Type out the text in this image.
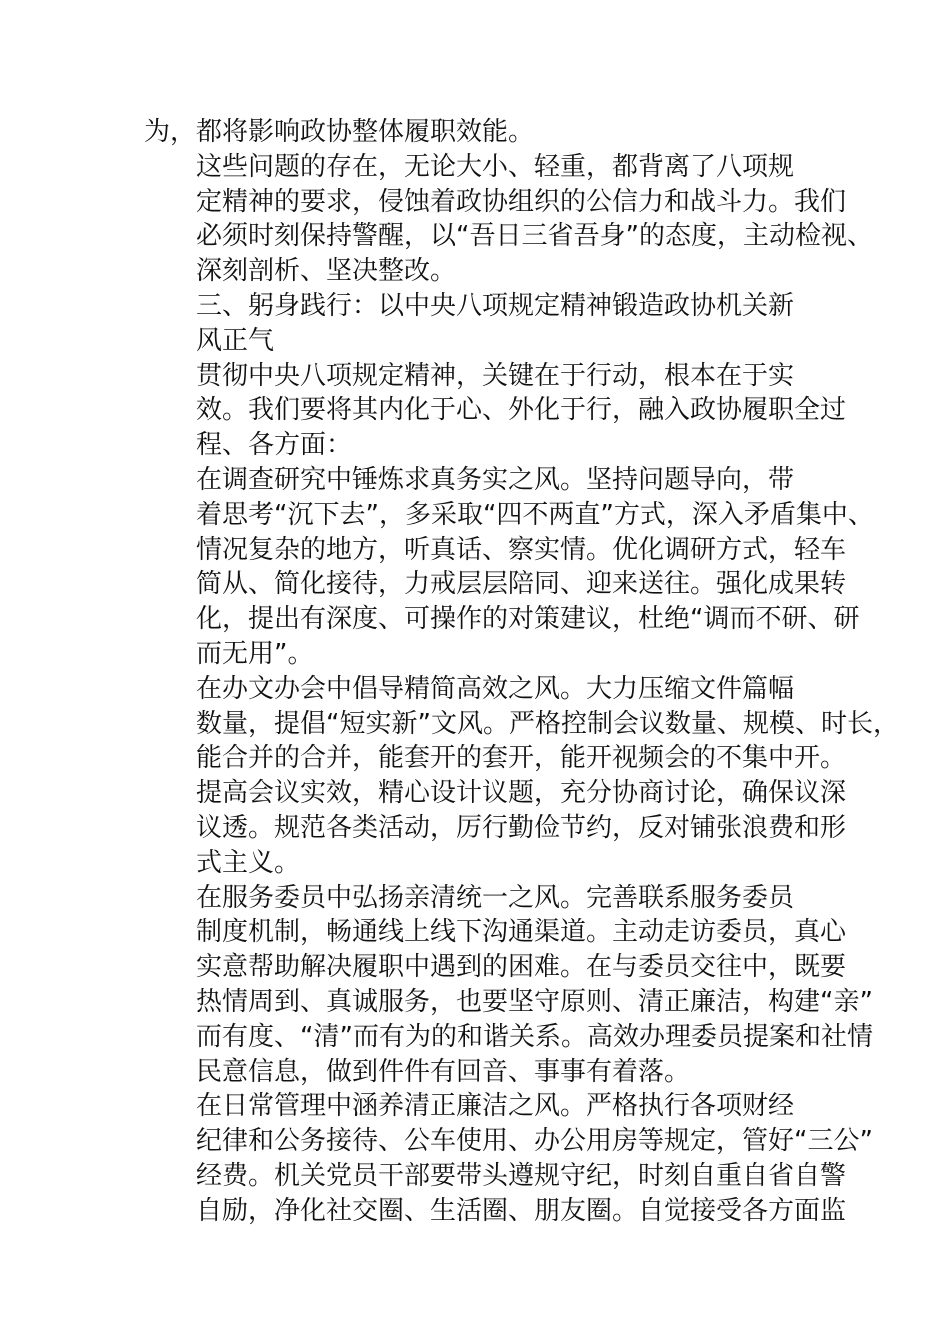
为，都将影响政协整体履职效能。

这些问题的存在，无论大小、轻重，都背离了八项规
定精神的要求，侵蚀着政协组织的公信力和战斗力。我们
必须时刻保持警醒，以“吾日三省吾身”的态度，主动检视、
深刻剖析、坚决整改。

三、躬身践行：以中央八项规定精神锻造政协机关新
风正气

贯彻中央八项规定精神，关键在于行动，根本在于实
效。我们要将其内化于心、外化于行，融入政协履职全过
程、各方面：

在调查研究中锤炼求真务实之风。坚持问题导向，带
着思考“沉下去”，多采取“四不两直”方式，深入矛盾集中、
情况复杂的地方，听真话、察实情。优化调研方式，轻车
简从、简化接待，力戒层层陪同、迎来送往。强化成果转
化，提出有深度、可操作的对策建议，杜绝“调而不研、研
而无用”。

在办文办会中倡导精简高效之风。大力压缩文件篇幅
数量，提倡“短实新”文风。严格控制会议数量、规模、时长，
能合并的合并，能套开的套开，能开视频会的不集中开。
提高会议实效，精心设计议题，充分协商讨论，确保议深
议透。规范各类活动，厉行勤俭节约，反对铺张浪费和形
式主义。

在服务委员中弘扬亲清统一之风。完善联系服务委员
制度机制，畅通线上线下沟通渠道。主动走访委员，真心
实意帮助解决履职中遇到的困难。在与委员交往中，既要
热情周到、真诚服务，也要坚守原则、清正廉洁，构建“亲”
而有度、“清”而有为的和谐关系。高效办理委员提案和社情
民意信息，做到件件有回音、事事有着落。

在日常管理中涵养清正廉洁之风。严格执行各项财经
纪律和公务接待、公车使用、办公用房等规定，管好“三公”
经费。机关党员干部要带头遵规守纪，时刻自重自省自警
自励，净化社交圈、生活圈、朋友圈。自觉接受各方面监
